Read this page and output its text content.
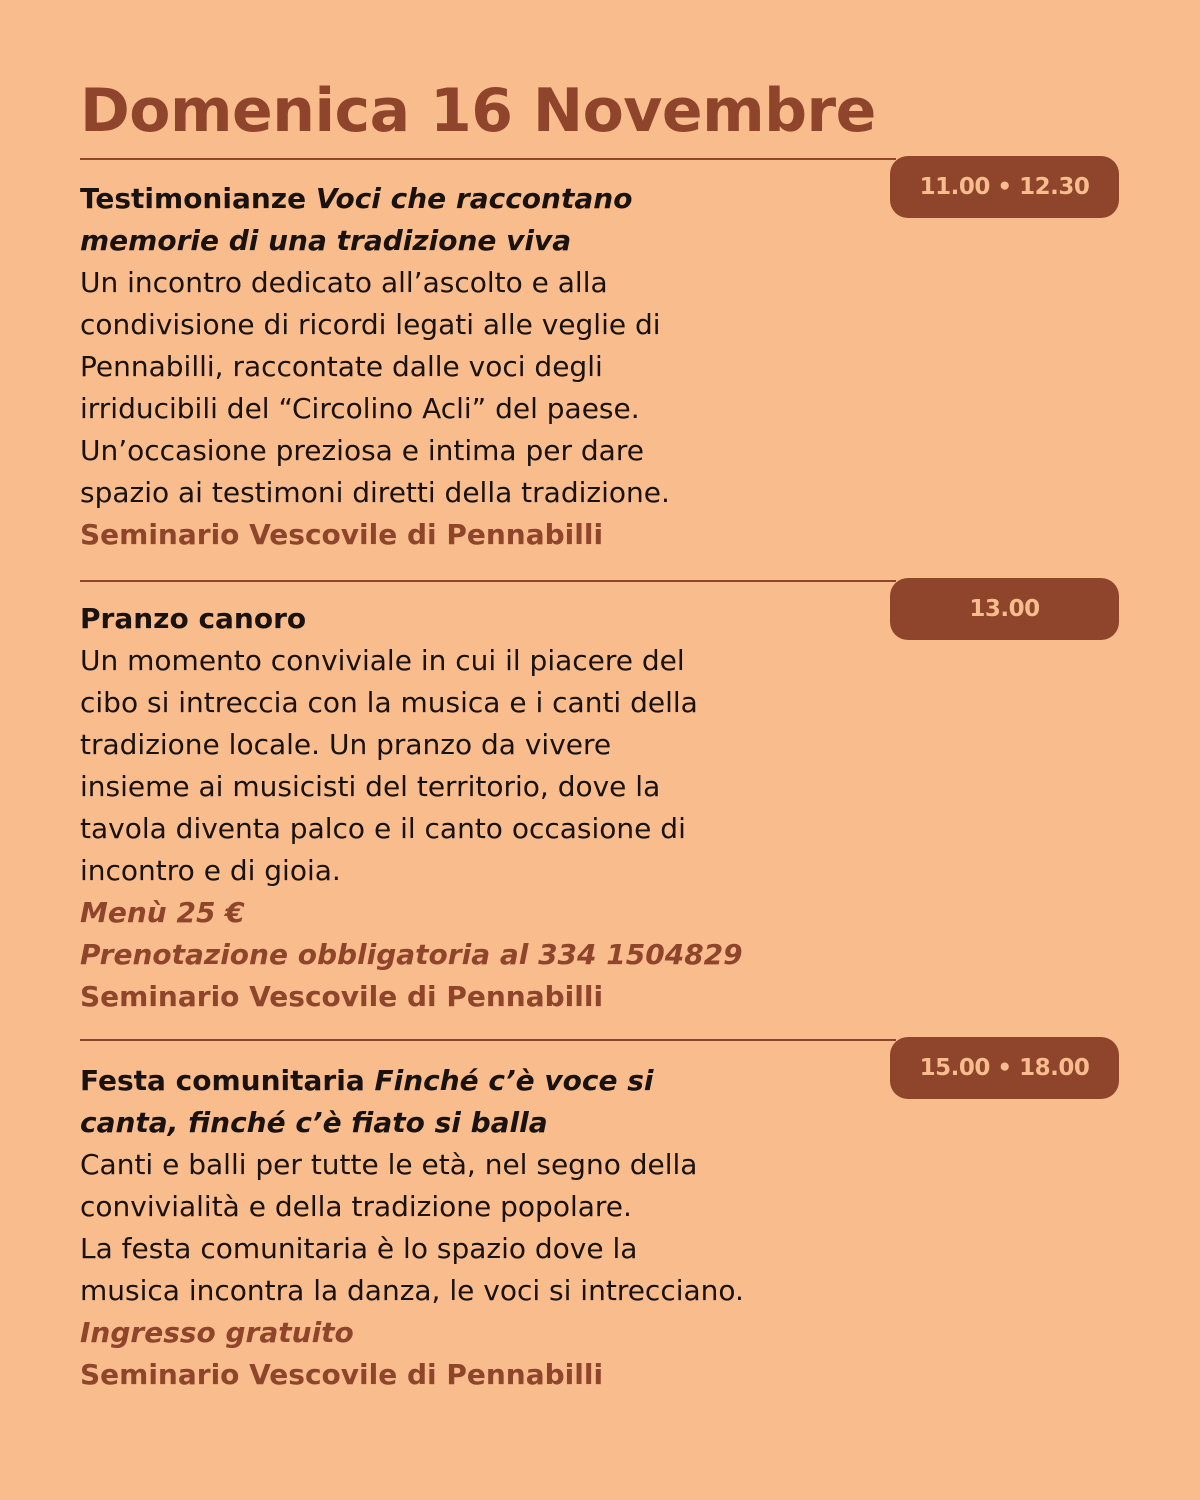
Domenica 16 Novembre
11.00 • 12.30
Testimonianze Voci che raccontano
memorie di una tradizione viva
Un incontro dedicato all’ascolto e alla
condivisione di ricordi legati alle veglie di
Pennabilli, raccontate dalle voci degli
irriducibili del “Circolino Acli” del paese.
Un’occasione preziosa e intima per dare
spazio ai testimoni diretti della tradizione.
Seminario Vescovile di Pennabilli
13.00
Pranzo canoro
Un momento conviviale in cui il piacere del
cibo si intreccia con la musica e i canti della
tradizione locale. Un pranzo da vivere
insieme ai musicisti del territorio, dove la
tavola diventa palco e il canto occasione di
incontro e di gioia.
Menù 25 €
Prenotazione obbligatoria al 334 1504829
Seminario Vescovile di Pennabilli
15.00 • 18.00
Festa comunitaria Finché c’è voce si
canta, finché c’è fiato si balla
Canti e balli per tutte le età, nel segno della
convivialità e della tradizione popolare.
La festa comunitaria è lo spazio dove la
musica incontra la danza, le voci si intrecciano.
Ingresso gratuito
Seminario Vescovile di Pennabilli
